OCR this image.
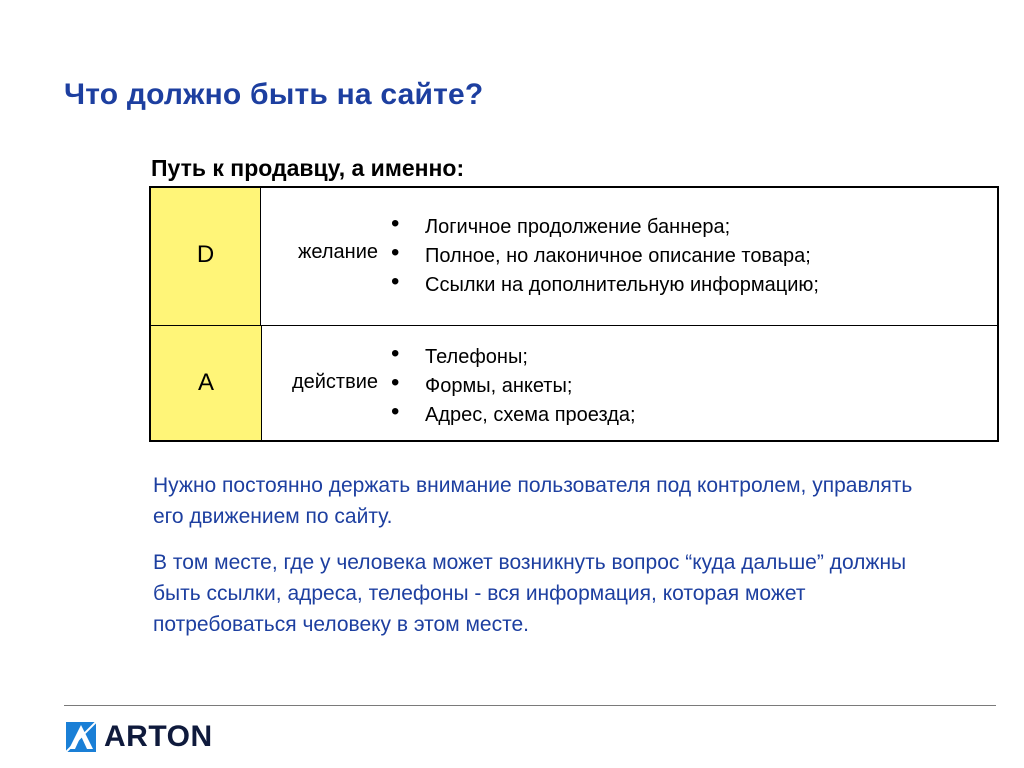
Что должно быть на сайте?
Путь к продавцу, а именно:
D	желание
• Логичное продолжение баннера;
• Полное, но лаконичное описание товара;
• Ссылки на дополнительную информацию;
A	действие
• Телефоны;
• Формы, анкеты;
• Адрес, схема проезда;
Нужно постоянно держать внимание пользователя под контролем, управлять его движением по сайту.
В том месте, где у человека может возникнуть вопрос “куда дальше” должны быть ссылки, адреса, телефоны - вся информация, которая может потребоваться человеку в этом месте.
ARTON
